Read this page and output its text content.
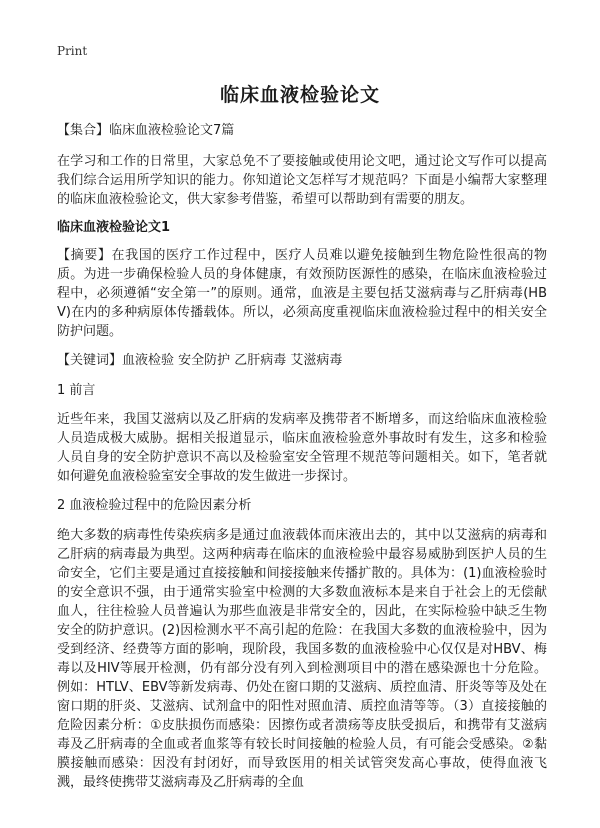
Print
临床血液检验论文
【集合】临床血液检验论文7篇
在学习和工作的日常里，大家总免不了要接触或使用论文吧，通过论文写作可以提高我们综合运用所学知识的能力。你知道论文怎样写才规范吗？下面是小编帮大家整理的临床血液检验论文，供大家参考借鉴，希望可以帮助到有需要的朋友。
临床血液检验论文1
【摘要】在我国的医疗工作过程中，医疗人员难以避免接触到生物危险性很高的物质。为进一步确保检验人员的身体健康，有效预防医源性的感染，在临床血液检验过程中，必须遵循“安全第一”的原则。通常，血液是主要包括艾滋病毒与乙肝病毒(HBV)在内的多种病原体传播载体。所以，必须高度重视临床血液检验过程中的相关安全防护问题。
【关键词】血液检验 安全防护 乙肝病毒 艾滋病毒
1 前言
近些年来，我国艾滋病以及乙肝病的发病率及携带者不断增多，而这给临床血液检验人员造成极大威胁。据相关报道显示，临床血液检验意外事故时有发生，这多和检验人员自身的安全防护意识不高以及检验室安全管理不规范等问题相关。如下，笔者就如何避免血液检验室安全事故的发生做进一步探讨。
2 血液检验过程中的危险因素分析
绝大多数的病毒性传染疾病多是通过血液载体而床液出去的，其中以艾滋病的病毒和乙肝病的病毒最为典型。这两种病毒在临床的血液检验中最容易威胁到医护人员的生命安全，它们主要是通过直接接触和间接接触来传播扩散的。具体为：(1)血液检验时的安全意识不强，由于通常实验室中检测的大多数血液标本是来自于社会上的无偿献血人，往往检验人员普遍认为那些血液是非常安全的，因此，在实际检验中缺乏生物安全的防护意识。(2)因检测水平不高引起的危险：在我国大多数的血液检验中，因为受到经济、经费等方面的影响，现阶段，我国多数的血液检验中心仅仅是对HBV、梅毒以及HIV等展开检测，仍有部分没有列入到检测项目中的潜在感染源也十分危险。例如：HTLV、EBV等新发病毒、仍处在窗口期的艾滋病、质控血清、肝炎等等及处在窗口期的肝炎、艾滋病、试剂盒中的阳性对照血清、质控血清等等。（3）直接接触的危险因素分析：①皮肤损伤而感染：因擦伤或者溃疡等皮肤受损后，和携带有艾滋病毒及乙肝病毒的全血或者血浆等有较长时间接触的检验人员，有可能会受感染。②黏膜接触而感染：因没有封闭好，而导致医用的相关试管突发高心事故，使得血液飞溅，最终使携带艾滋病毒及乙肝病毒的全血
